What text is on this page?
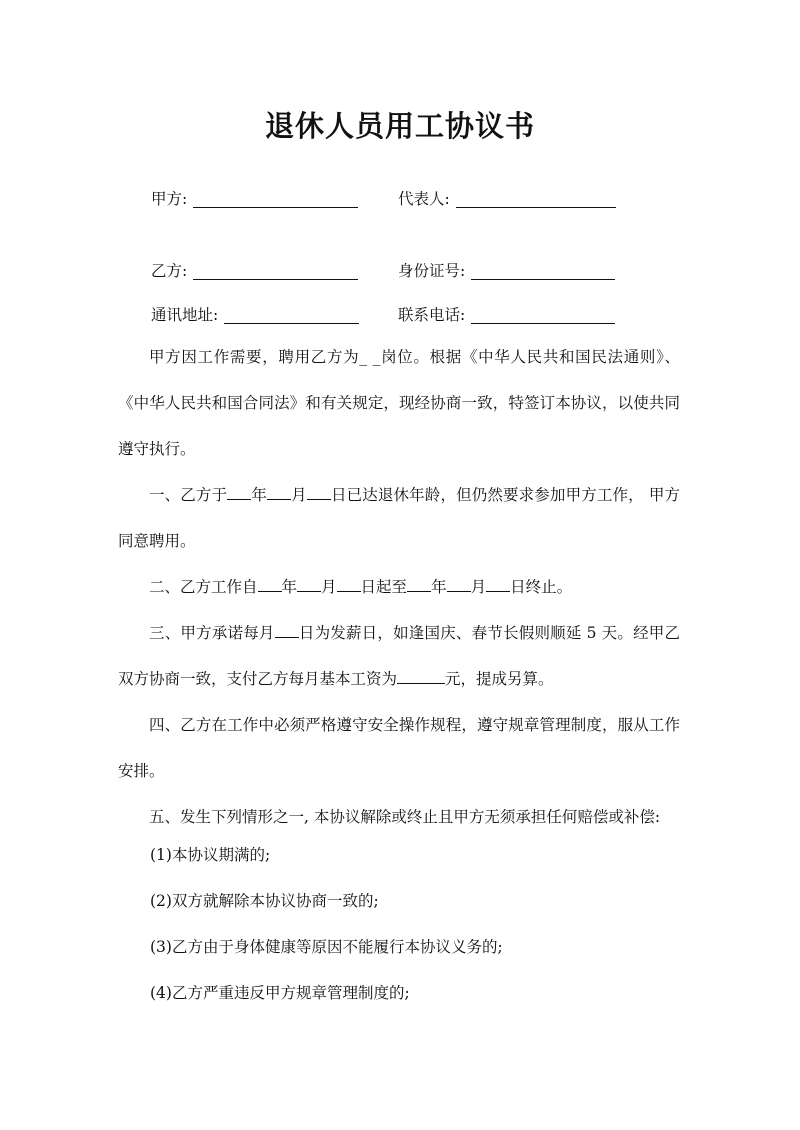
退休人员用工协议书
甲方:	代表人:
乙方:	身份证号:
通讯地址:	联系电话:

甲方因工作需要，聘用乙方为_ _岗位。根据《中华人民共和国民法通则》、《中华人民共和国合同法》和有关规定，现经协商一致，特签订本协议，以使共同遵守执行。

一、乙方于 年 月 日已达退休年龄，但仍然要求参加甲方工作， 甲方同意聘用。

二、乙方工作自 年 月 日起至 年 月 日终止。

三、甲方承诺每月 日为发薪日，如逢国庆、春节长假则顺延 5 天。经甲乙双方协商一致，支付乙方每月基本工资为	元，提成另算。

四、乙方在工作中必须严格遵守安全操作规程，遵守规章管理制度，服从工作安排。

五、发生下列情形之一, 本协议解除或终止且甲方无须承担任何赔偿或补偿:

(1)本协议期满的;
(2)双方就解除本协议协商一致的;
(3)乙方由于身体健康等原因不能履行本协议义务的;
(4)乙方严重违反甲方规章管理制度的;
